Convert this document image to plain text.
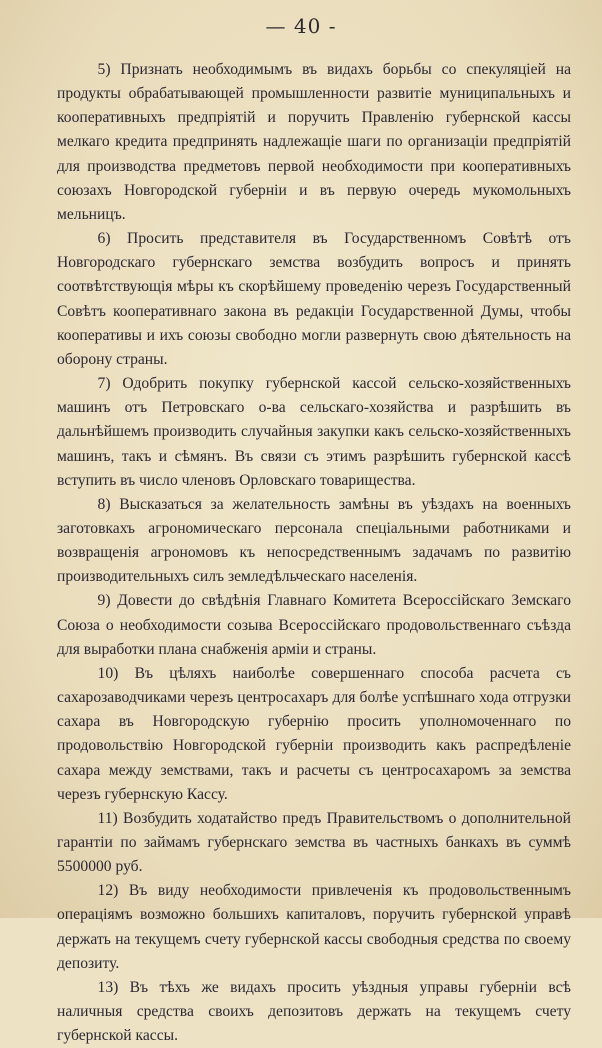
— 40 -

5) Признать необходимымъ въ видахъ борьбы со спекуляціей на продукты обрабатывающей промышленности развитіе муниципальныхъ и кооперативныхъ предпріятій и поручить Правленію губернской кассы мелкаго кредита предпринять надлежащіе шаги по организаціи предпріятій для производства предметовъ первой необходимости при кооперативныхъ союзахъ Новгородской губерніи и въ первую очередь мукомольныхъ мельницъ.

6) Просить представителя въ Государственномъ Совѣтѣ отъ Новгородскаго губернскаго земства возбудить вопросъ и принять соотвѣтствующія мѣры къ скорѣйшему проведенію черезъ Государственный Совѣтъ кооперативнаго закона въ редакціи Государственной Думы, чтобы кооперативы и ихъ союзы свободно могли развернуть свою дѣятельность на оборону страны.

7) Одобрить покупку губернской кассой сельско-хозяйственныхъ машинъ отъ Петровскаго о-ва сельскаго-хозяйства и разрѣшить въ дальнѣйшемъ производить случайныя закупки какъ сельско-хозяйственныхъ машинъ, такъ и сѣмянъ. Въ связи съ этимъ разрѣшить губернской кассѣ вступить въ число членовъ Орловскаго товарищества.

8) Высказаться за желательность замѣны въ уѣздахъ на военныхъ заготовкахъ агрономическаго персонала спеціальными работниками и возвращенія агрономовъ къ непосредственнымъ задачамъ по развитію производительныхъ силъ земледѣльческаго населенія.

9) Довести до свѣдѣнія Главнаго Комитета Всероссійскаго Земскаго Союза о необходимости созыва Всероссійскаго продовольственнаго съѣзда для выработки плана снабженія арміи и страны.

10) Въ цѣляхъ наиболѣе совершеннаго способа расчета съ сахарозаводчиками черезъ центросахаръ для болѣе успѣшнаго хода отгрузки сахара въ Новгородскую губернію просить уполномоченнаго по продовольствію Новгородской губерніи производить какъ распредѣленіе сахара между земствами, такъ и расчеты съ центросахаромъ за земства черезъ губернскую Кассу.

11) Возбудить ходатайство предъ Правительствомъ о дополнительной гарантіи по займамъ губернскаго земства въ частныхъ банкахъ въ суммѣ 5500000 руб.

12) Въ виду необходимости привлеченія къ продовольственнымъ операціямъ возможно большихъ капиталовъ, поручить губернской управѣ держать на текущемъ счету губернской кассы свободныя средства по своему депозиту.

13) Въ тѣхъ же видахъ просить уѣздныя управы губерніи всѣ наличныя средства своихъ депозитовъ держать на текущемъ счету губернской кассы.
